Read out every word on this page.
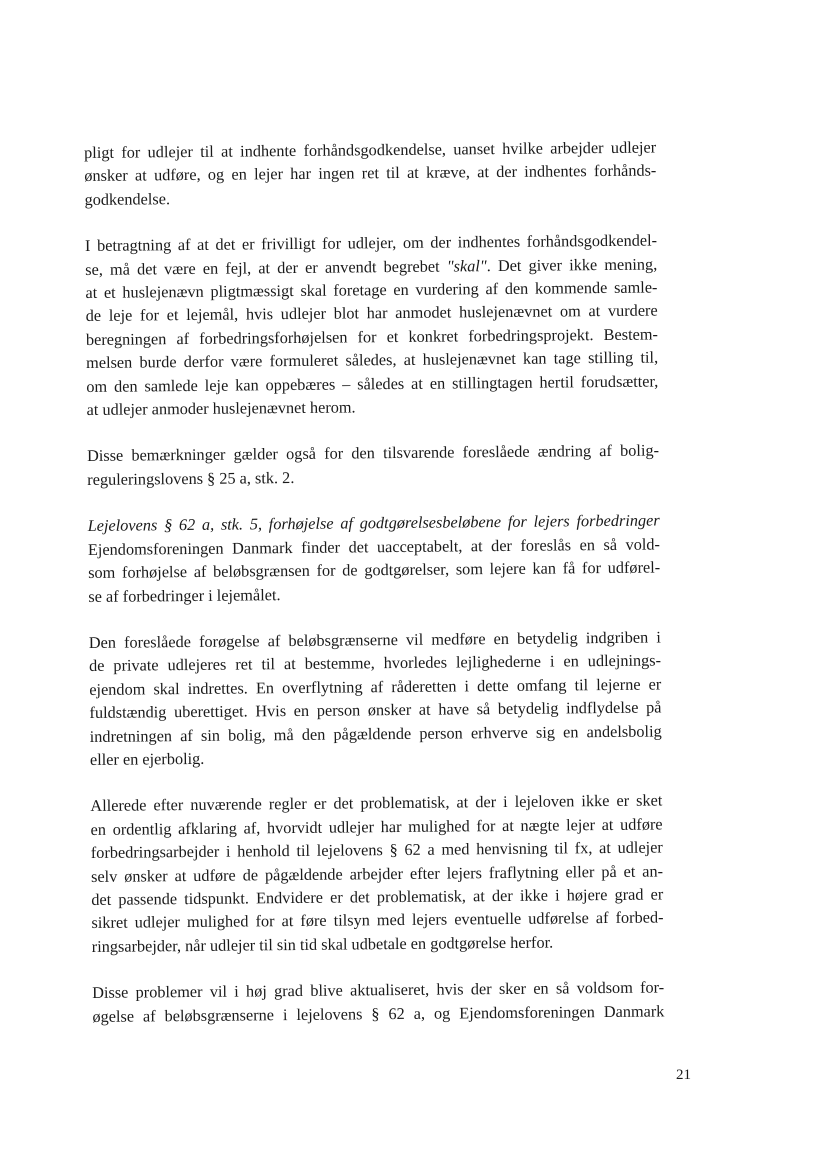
pligt for udlejer til at indhente forhåndsgodkendelse, uanset hvilke arbejder udlejer
ønsker at udføre, og en lejer har ingen ret til at kræve, at der indhentes forhånds-
godkendelse.

I betragtning af at det er frivilligt for udlejer, om der indhentes forhåndsgodkendel-
se, må det være en fejl, at der er anvendt begrebet "skal". Det giver ikke mening,
at et huslejenævn pligtmæssigt skal foretage en vurdering af den kommende samle-
de leje for et lejemål, hvis udlejer blot har anmodet huslejenævnet om at vurdere
beregningen af forbedringsforhøjelsen for et konkret forbedringsprojekt. Bestem-
melsen burde derfor være formuleret således, at huslejenævnet kan tage stilling til,
om den samlede leje kan oppebæres – således at en stillingtagen hertil forudsætter,
at udlejer anmoder huslejenævnet herom.

Disse bemærkninger gælder også for den tilsvarende foreslåede ændring af bolig-
reguleringslovens § 25 a, stk. 2.

Lejelovens § 62 a, stk. 5, forhøjelse af godtgørelsesbeløbene for lejers forbedringer
Ejendomsforeningen Danmark finder det uacceptabelt, at der foreslås en så vold-
som forhøjelse af beløbsgrænsen for de godtgørelser, som lejere kan få for udførel-
se af forbedringer i lejemålet.

Den foreslåede forøgelse af beløbsgrænserne vil medføre en betydelig indgriben i
de private udlejeres ret til at bestemme, hvorledes lejlighederne i en udlejnings-
ejendom skal indrettes. En overflytning af råderetten i dette omfang til lejerne er
fuldstændig uberettiget. Hvis en person ønsker at have så betydelig indflydelse på
indretningen af sin bolig, må den pågældende person erhverve sig en andelsbolig
eller en ejerbolig.

Allerede efter nuværende regler er det problematisk, at der i lejeloven ikke er sket
en ordentlig afklaring af, hvorvidt udlejer har mulighed for at nægte lejer at udføre
forbedringsarbejder i henhold til lejelovens § 62 a med henvisning til fx, at udlejer
selv ønsker at udføre de pågældende arbejder efter lejers fraflytning eller på et an-
det passende tidspunkt. Endvidere er det problematisk, at der ikke i højere grad er
sikret udlejer mulighed for at føre tilsyn med lejers eventuelle udførelse af forbed-
ringsarbejder, når udlejer til sin tid skal udbetale en godtgørelse herfor.

Disse problemer vil i høj grad blive aktualiseret, hvis der sker en så voldsom for-
øgelse af beløbsgrænserne i lejelovens § 62 a, og Ejendomsforeningen Danmark

21
